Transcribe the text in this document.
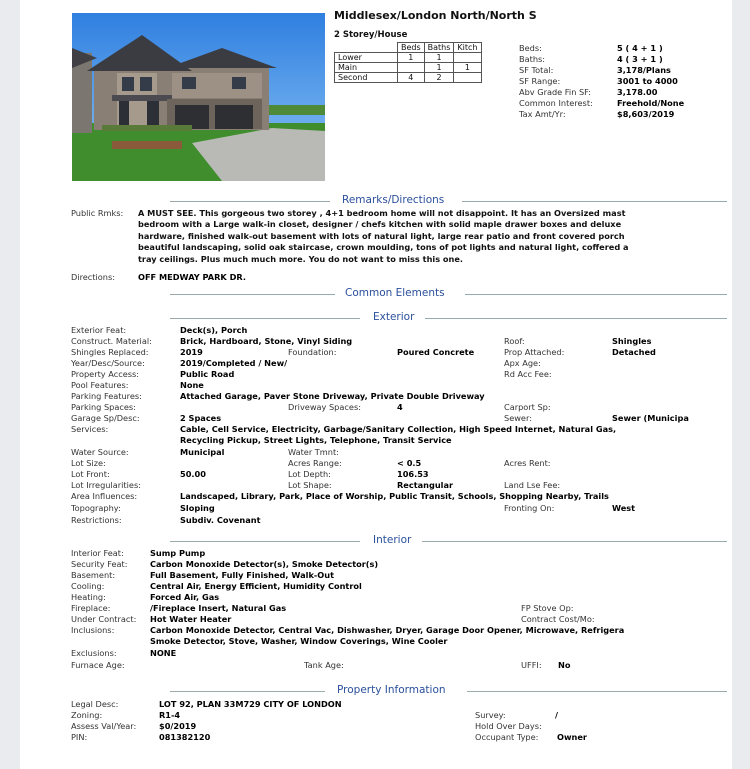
Middlesex/London North/North S
2 Storey/House
	Beds	Baths	Kitch
Lower	1	1	
Main		1	1
Second	4	2	
Beds:	5 ( 4 + 1 )
Baths:	4 ( 3 + 1 )
SF Total:	3,178/Plans
SF Range:	3001 to 4000
Abv Grade Fin SF:	3,178.00
Common Interest:	Freehold/None
Tax Amt/Yr:	$8,603/2019
Remarks/Directions
Public Rmks: A MUST SEE. This gorgeous two storey , 4+1 bedroom home will not disappoint. It has an Oversized mast
bedroom with a Large walk-in closet, designer / chefs kitchen with solid maple drawer boxes and deluxe
hardware, finished walk-out basement with lots of natural light, large rear patio and front covered porch
beautiful landscaping, solid oak staircase, crown moulding, tons of pot lights and natural light, coffered a
tray ceilings. Plus much much more. You do not want to miss this one.
Directions:	OFF MEDWAY PARK DR.
Common Elements
Exterior
Exterior Feat:	Deck(s), Porch
Construct. Material:	Brick, Hardboard, Stone, Vinyl Siding	Roof:	Shingles
Shingles Replaced:	2019	Foundation:	Poured Concrete	Prop Attached:	Detached
Year/Desc/Source:	2019/Completed / New/	Apx Age:
Property Access:	Public Road	Rd Acc Fee:
Pool Features:	None
Parking Features:	Attached Garage, Paver Stone Driveway, Private Double Driveway
Parking Spaces:	Driveway Spaces:	4	Carport Sp:
Garage Sp/Desc:	2 Spaces	Sewer:	Sewer (Municipa
Services:	Cable, Cell Service, Electricity, Garbage/Sanitary Collection, High Speed Internet, Natural Gas,
Recycling Pickup, Street Lights, Telephone, Transit Service
Water Source:	Municipal	Water Tmnt:
Lot Size:	Acres Range:	< 0.5	Acres Rent:
Lot Front:	50.00	Lot Depth:	106.53
Lot Irregularities:	Lot Shape:	Rectangular	Land Lse Fee:
Area Influences:	Landscaped, Library, Park, Place of Worship, Public Transit, Schools, Shopping Nearby, Trails
Topography:	Sloping	Fronting On:	West
Restrictions:	Subdiv. Covenant
Interior
Interior Feat:	Sump Pump
Security Feat:	Carbon Monoxide Detector(s), Smoke Detector(s)
Basement:	Full Basement, Fully Finished, Walk-Out
Cooling:	Central Air, Energy Efficient, Humidity Control
Heating:	Forced Air, Gas
Fireplace:	/Fireplace Insert, Natural Gas	FP Stove Op:
Under Contract: Hot Water Heater	Contract Cost/Mo:
Inclusions:	Carbon Monoxide Detector, Central Vac, Dishwasher, Dryer, Garage Door Opener, Microwave, Refrigera
Smoke Detector, Stove, Washer, Window Coverings, Wine Cooler
Exclusions:	NONE
Furnace Age:	Tank Age:	UFFI: No
Property Information
Legal Desc:	LOT 92, PLAN 33M729 CITY OF LONDON
Zoning:	R1-4	Survey:	/
Assess Val/Year:	$0/2019	Hold Over Days:
PIN:	081382120	Occupant Type: Owner
